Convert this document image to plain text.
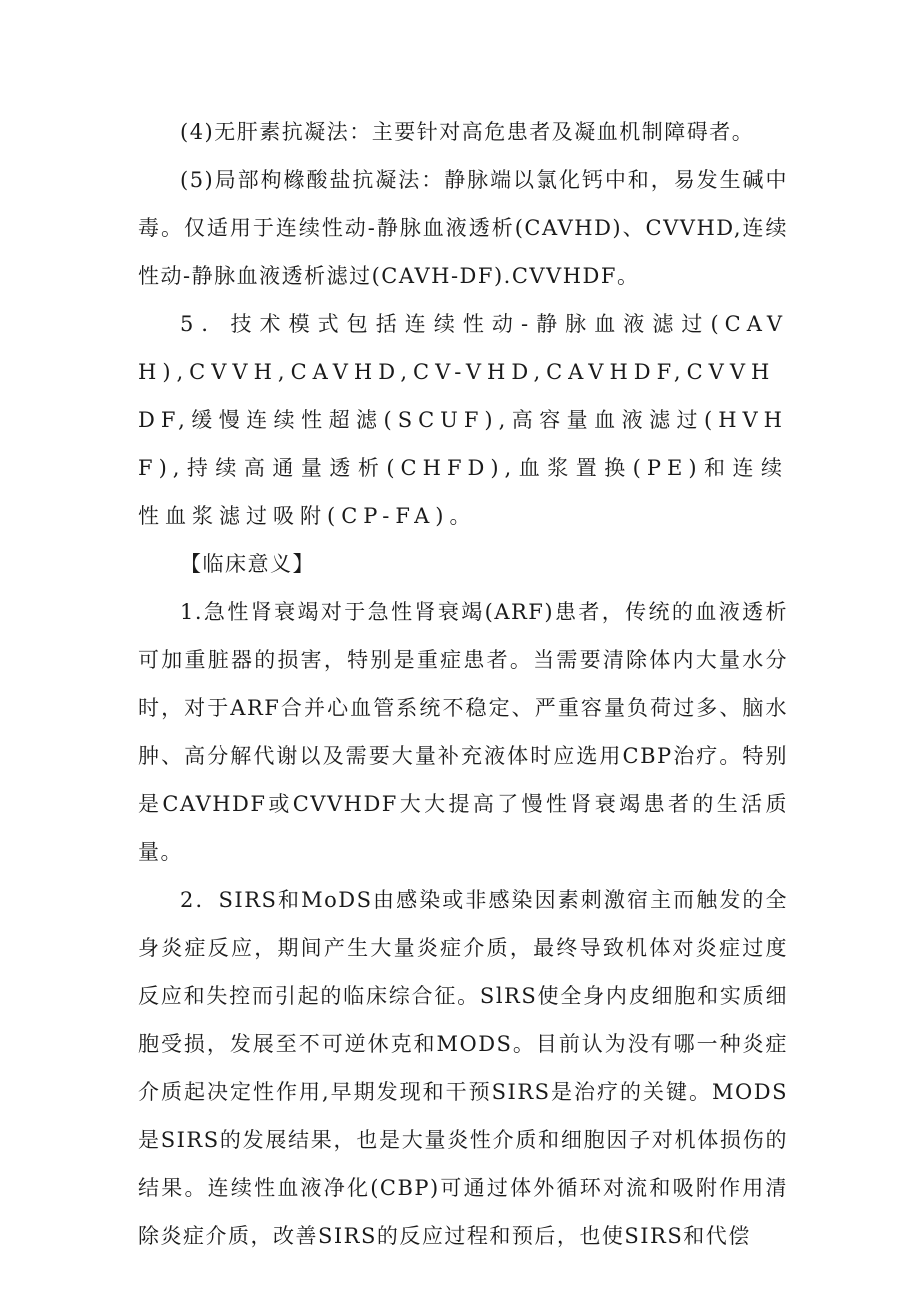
(4)无肝素抗凝法：主要针对高危患者及凝血机制障碍者。

(5)局部枸橼酸盐抗凝法：静脉端以氯化钙中和，易发生碱中毒。仅适用于连续性动-静脉血液透析(CAVHD)、CVVHD,连续性动-静脉血液透析滤过(CAVH-DF).CVVHDF。

5．技术模式包括连续性动-静脉血液滤过(CAVH),CVVH,CAVHD,CV-VHD,CAVHDF,CVVHDF,缓慢连续性超滤(SCUF),高容量血液滤过(HVHF),持续高通量透析(CHFD),血浆置换(PE)和连续性血浆滤过吸附(CP-FA)。

【临床意义】

1.急性肾衰竭对于急性肾衰竭(ARF)患者，传统的血液透析可加重脏器的损害，特别是重症患者。当需要清除体内大量水分时，对于ARF合并心血管系统不稳定、严重容量负荷过多、脑水肿、高分解代谢以及需要大量补充液体时应选用CBP治疗。特别是CAVHDF或CVVHDF大大提高了慢性肾衰竭患者的生活质量。

2．SIRS和MoDS由感染或非感染因素刺激宿主而触发的全身炎症反应，期间产生大量炎症介质，最终导致机体对炎症过度反应和失控而引起的临床综合征。SlRS使全身内皮细胞和实质细胞受损，发展至不可逆休克和MODS。目前认为没有哪一种炎症介质起决定性作用,早期发现和干预SIRS是治疗的关键。MODS是SIRS的发展结果，也是大量炎性介质和细胞因子对机体损伤的结果。连续性血液净化(CBP)可通过体外循环对流和吸附作用清除炎症介质，改善SIRS的反应过程和预后，也使SIRS和代偿
